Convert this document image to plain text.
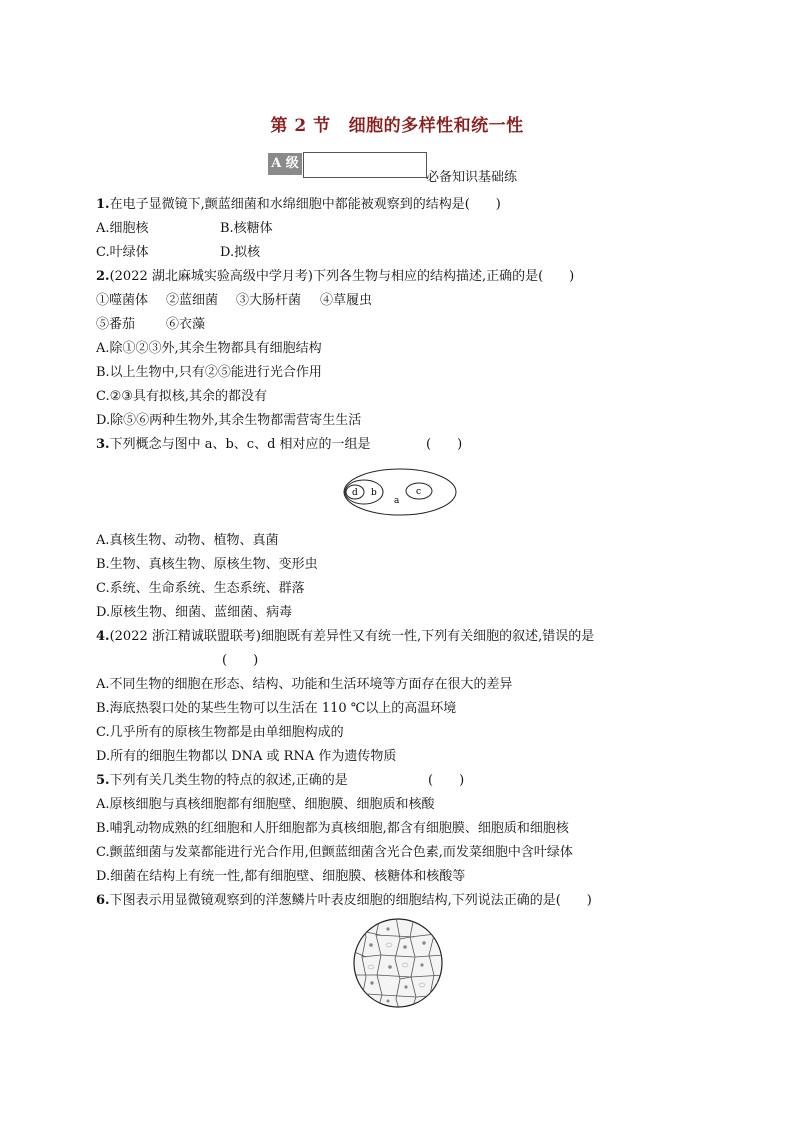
第 2 节 细胞的多样性和统一性
A 级
必备知识基础练
1.在电子显微镜下,颤蓝细菌和水绵细胞中都能被观察到的结构是(　　)
A.细胞核	B.核糖体
C.叶绿体	D.拟核
2.(2022 湖北麻城实验高级中学月考)下列各生物与相应的结构描述,正确的是(　　)
①噬菌体 ②蓝细菌 ③大肠杆菌 ④草履虫
⑤番茄 ⑥衣藻
A.除①②③外,其余生物都具有细胞结构
B.以上生物中,只有②⑤能进行光合作用
C.②③具有拟核,其余的都没有
D.除⑤⑥两种生物外,其余生物都需营寄生生活
3.下列概念与图中 a、b、c、d 相对应的一组是	(　　)
d b
a
c
A.真核生物、动物、植物、真菌
B.生物、真核生物、原核生物、变形虫
C.系统、生命系统、生态系统、群落
D.原核生物、细菌、蓝细菌、病毒
4.(2022 浙江精诚联盟联考)细胞既有差异性又有统一性,下列有关细胞的叙述,错误的是
(　　)
A.不同生物的细胞在形态、结构、功能和生活环境等方面存在很大的差异
B.海底热裂口处的某些生物可以生活在 110 ℃以上的高温环境
C.几乎所有的原核生物都是由单细胞构成的
D.所有的细胞生物都以 DNA 或 RNA 作为遗传物质
5.下列有关几类生物的特点的叙述,正确的是	(　　)
A.原核细胞与真核细胞都有细胞壁、细胞膜、细胞质和核酸
B.哺乳动物成熟的红细胞和人肝细胞都为真核细胞,都含有细胞膜、细胞质和细胞核
C.颤蓝细菌与发菜都能进行光合作用,但颤蓝细菌含光合色素,而发菜细胞中含叶绿体
D.细菌在结构上有统一性,都有细胞壁、细胞膜、核糖体和核酸等
6.下图表示用显微镜观察到的洋葱鳞片叶表皮细胞的细胞结构,下列说法正确的是(　　)
